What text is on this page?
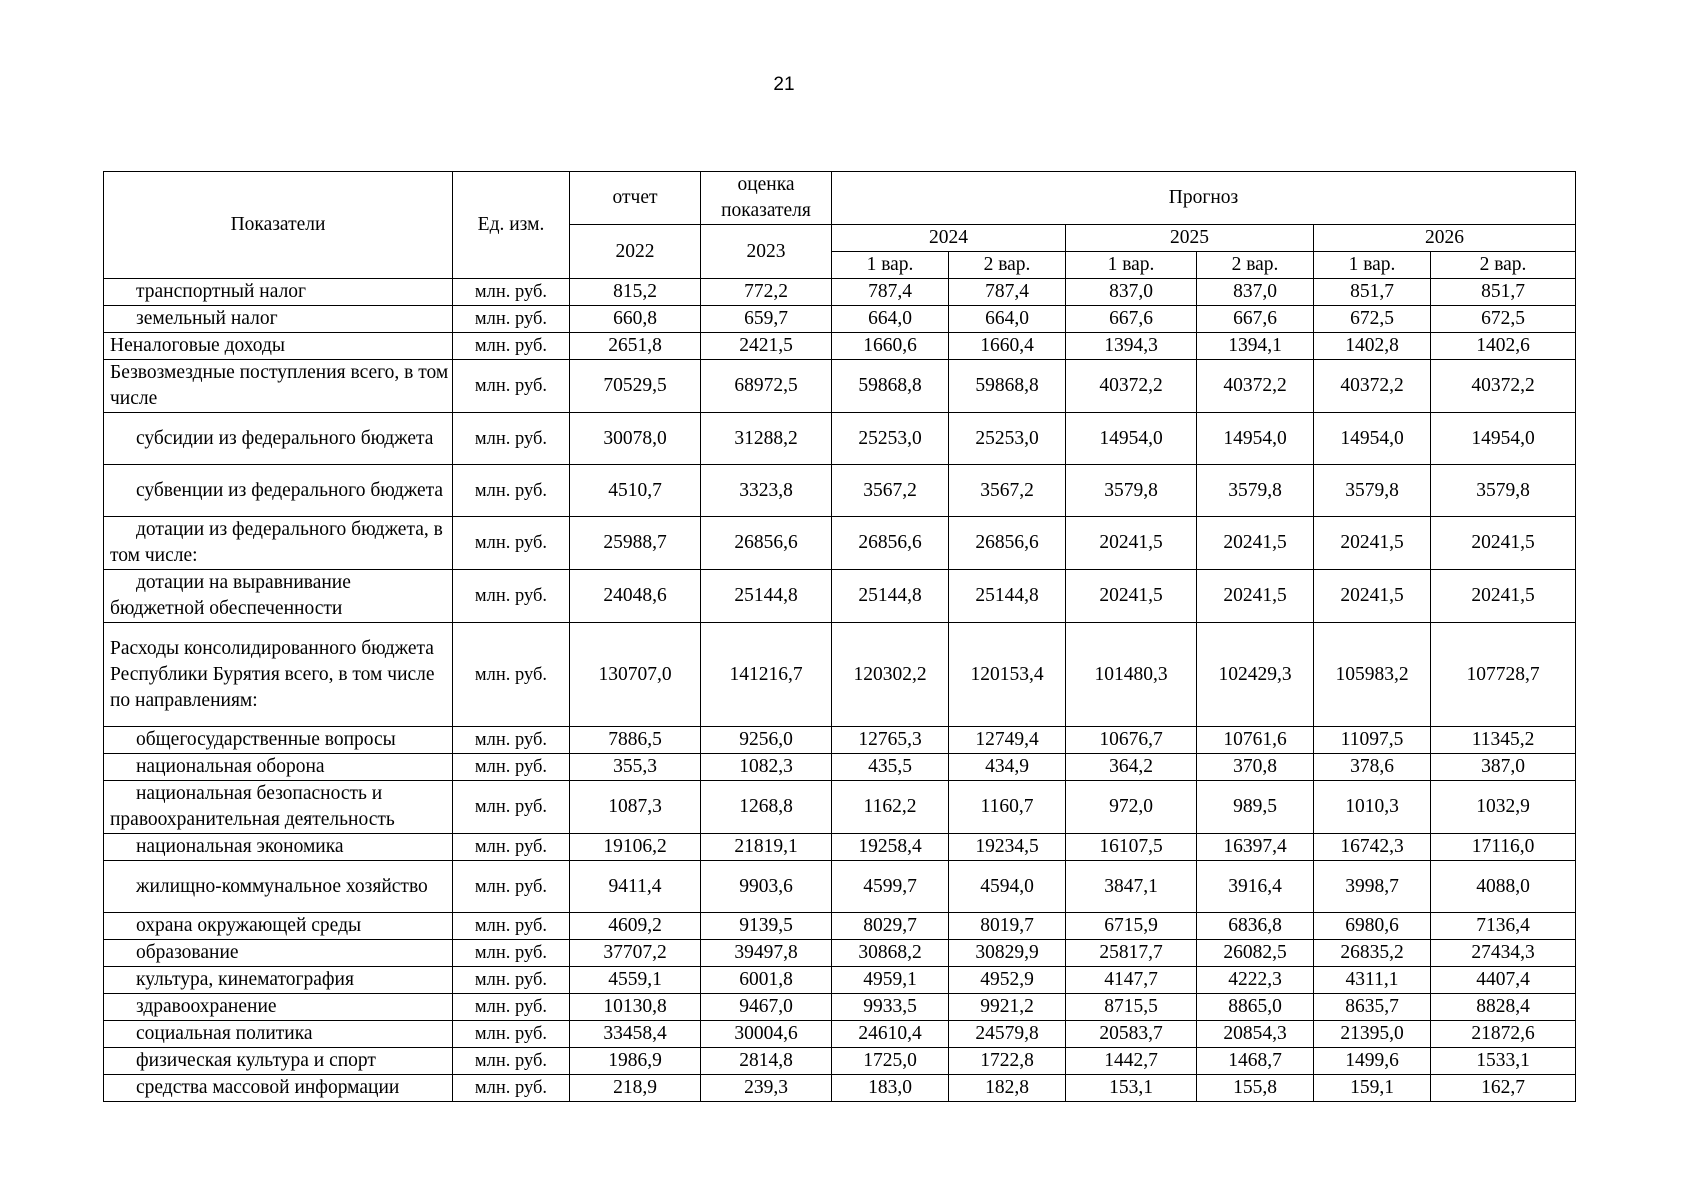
21
Показатели	Ед. изм.	отчет	оценка показателя	Прогноз					
		2022	2023	2024		2025		2026	
				1 вар.	2 вар.	1 вар.	2 вар.	1 вар.	2 вар.
транспортный налог	млн. руб.	815,2	772,2	787,4	787,4	837,0	837,0	851,7	851,7
земельный налог	млн. руб.	660,8	659,7	664,0	664,0	667,6	667,6	672,5	672,5
Неналоговые доходы	млн. руб.	2651,8	2421,5	1660,6	1660,4	1394,3	1394,1	1402,8	1402,6
Безвозмездные поступления всего, в том числе	млн. руб.	70529,5	68972,5	59868,8	59868,8	40372,2	40372,2	40372,2	40372,2
субсидии из федерального бюджета	млн. руб.	30078,0	31288,2	25253,0	25253,0	14954,0	14954,0	14954,0	14954,0
субвенции из федерального бюджета	млн. руб.	4510,7	3323,8	3567,2	3567,2	3579,8	3579,8	3579,8	3579,8
дотации из федерального бюджета, в том числе:	млн. руб.	25988,7	26856,6	26856,6	26856,6	20241,5	20241,5	20241,5	20241,5
дотации на выравнивание бюджетной обеспеченности	млн. руб.	24048,6	25144,8	25144,8	25144,8	20241,5	20241,5	20241,5	20241,5
Расходы консолидированного бюджета Республики Бурятия всего, в том числе по направлениям:	млн. руб.	130707,0	141216,7	120302,2	120153,4	101480,3	102429,3	105983,2	107728,7
общегосударственные вопросы	млн. руб.	7886,5	9256,0	12765,3	12749,4	10676,7	10761,6	11097,5	11345,2
национальная оборона	млн. руб.	355,3	1082,3	435,5	434,9	364,2	370,8	378,6	387,0
национальная безопасность и правоохранительная деятельность	млн. руб.	1087,3	1268,8	1162,2	1160,7	972,0	989,5	1010,3	1032,9
национальная экономика	млн. руб.	19106,2	21819,1	19258,4	19234,5	16107,5	16397,4	16742,3	17116,0
жилищно-коммунальное хозяйство	млн. руб.	9411,4	9903,6	4599,7	4594,0	3847,1	3916,4	3998,7	4088,0
охрана окружающей среды	млн. руб.	4609,2	9139,5	8029,7	8019,7	6715,9	6836,8	6980,6	7136,4
образование	млн. руб.	37707,2	39497,8	30868,2	30829,9	25817,7	26082,5	26835,2	27434,3
культура, кинематография	млн. руб.	4559,1	6001,8	4959,1	4952,9	4147,7	4222,3	4311,1	4407,4
здравоохранение	млн. руб.	10130,8	9467,0	9933,5	9921,2	8715,5	8865,0	8635,7	8828,4
социальная политика	млн. руб.	33458,4	30004,6	24610,4	24579,8	20583,7	20854,3	21395,0	21872,6
физическая культура и спорт	млн. руб.	1986,9	2814,8	1725,0	1722,8	1442,7	1468,7	1499,6	1533,1
средства массовой информации	млн. руб.	218,9	239,3	183,0	182,8	153,1	155,8	159,1	162,7
